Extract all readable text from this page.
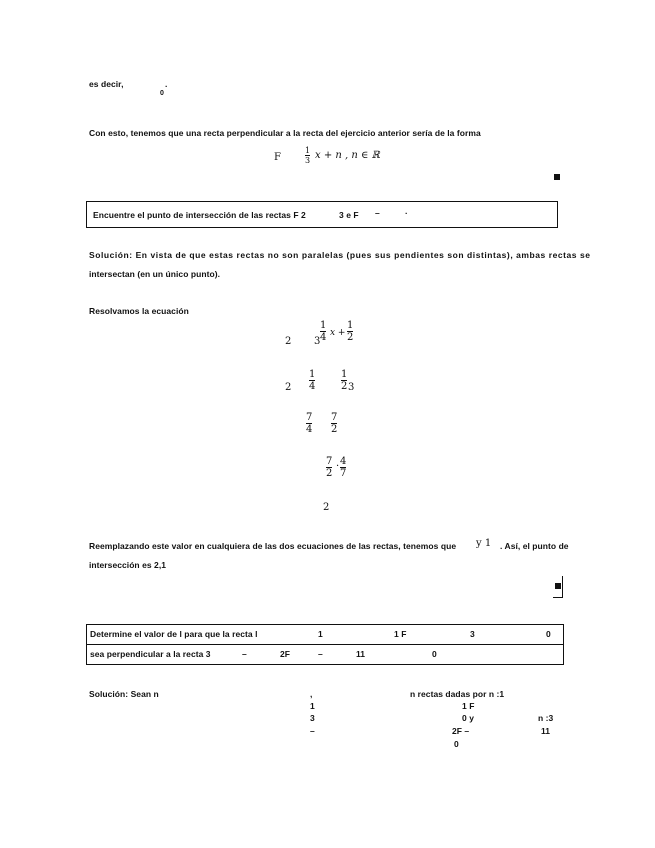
es decir,	.
0
Con esto, tenemos que una recta perpendicular a la recta del ejercicio anterior sería de la forma
F
1
3 x + n , n ∈ ℝ
Encuentre el punto de intersección de las rectas F 2	3 e F –	·
Solución: En vista de que estas rectas no son paralelas (pues sus pendientes son distintas), ambas rectas se
intersectan (en un único punto).
Resolvamos la ecuación
2 3
1
4 x +
1
2
2
1
4
1
2 3
7
4
7
2
7
2
· 4
7
2
Reemplazando este valor en cualquiera de las dos ecuaciones de las rectas, tenemos que y 1 . Así, el punto de
intersección es 2,1
Determine el valor de l para que la recta l	1	1 F	3	0
sea perpendicular a la recta 3	–	2F	–	11	0
Solución: Sean n	,	n rectas dadas por n :1
1 F
1
3	0 y	n :3
–	2F –	11
0
